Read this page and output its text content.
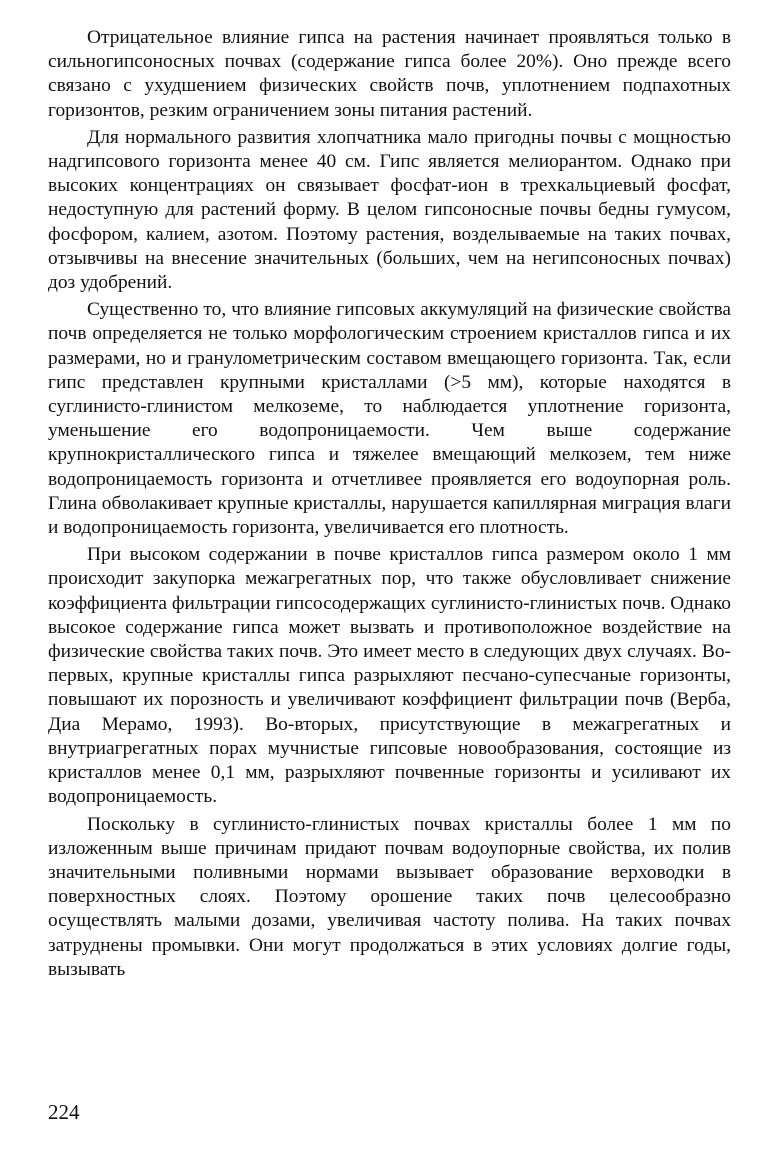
Отрицательное влияние гипса на растения начинает проявляться только в сильногипсоносных почвах (содержание гипса более 20%). Оно прежде всего связано с ухудшением физических свойств почв, уплотнением подпахотных горизонтов, резким ограничением зоны питания растений.

Для нормального развития хлопчатника мало пригодны почвы с мощностью надгипсового горизонта менее 40 см. Гипс является мелиорантом. Однако при высоких концентрациях он связывает фосфат-ион в трехкальциевый фосфат, недоступную для растений форму. В целом гипсоносные почвы бедны гумусом, фосфором, калием, азотом. Поэтому растения, возделываемые на таких почвах, отзывчивы на внесение значительных (больших, чем на негипсоносных почвах) доз удобрений.

Существенно то, что влияние гипсовых аккумуляций на физические свойства почв определяется не только морфологическим строением кристаллов гипса и их размерами, но и гранулометрическим составом вмещающего горизонта. Так, если гипс представлен крупными кристаллами (>5 мм), которые находятся в суглинисто-глинистом мелкоземе, то наблюдается уплотнение горизонта, уменьшение его водопроницаемости. Чем выше содержание крупнокристаллического гипса и тяжелее вмещающий мелкозем, тем ниже водопроницаемость горизонта и отчетливее проявляется его водоупорная роль. Глина обволакивает крупные кристаллы, нарушается капиллярная миграция влаги и водопроницаемость горизонта, увеличивается его плотность.

При высоком содержании в почве кристаллов гипса размером около 1 мм происходит закупорка межагрегатных пор, что также обусловливает снижение коэффициента фильтрации гипсосодержащих суглинисто-глинистых почв. Однако высокое содержание гипса может вызвать и противоположное воздействие на физические свойства таких почв. Это имеет место в следующих двух случаях. Во-первых, крупные кристаллы гипса разрыхляют песчано-супесчаные горизонты, повышают их порозность и увеличивают коэффициент фильтрации почв (Верба, Диа Мерамо, 1993). Во-вторых, присутствующие в межагрегатных и внутриагрегатных порах мучнистые гипсовые новообразования, состоящие из кристаллов менее 0,1 мм, разрыхляют почвенные горизонты и усиливают их водопроницаемость.

Поскольку в суглинисто-глинистых почвах кристаллы более 1 мм по изложенным выше причинам придают почвам водоупорные свойства, их полив значительными поливными нормами вызывает образование верховодки в поверхностных слоях. Поэтому орошение таких почв целесообразно осуществлять малыми дозами, увеличивая частоту полива. На таких почвах затруднены промывки. Они могут продолжаться в этих условиях долгие годы, вызывать

224
